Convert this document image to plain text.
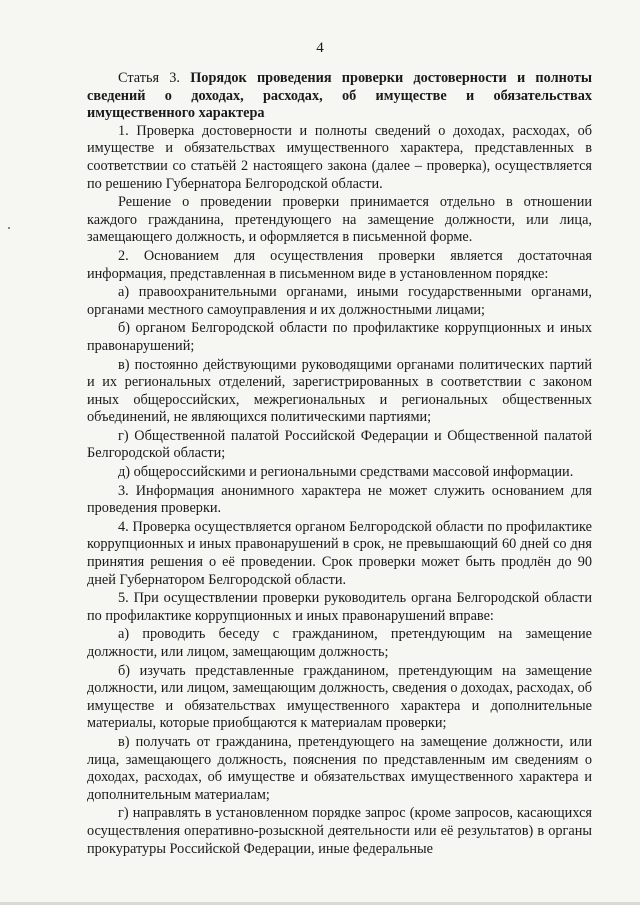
4

Статья 3. Порядок проведения проверки достоверности и полноты сведений о доходах, расходах, об имуществе и обязательствах имущественного характера

1. Проверка достоверности и полноты сведений о доходах, расходах, об имуществе и обязательствах имущественного характера, представленных в соответствии со статьёй 2 настоящего закона (далее – проверка), осуществляется по решению Губернатора Белгородской области.

Решение о проведении проверки принимается отдельно в отношении каждого гражданина, претендующего на замещение должности, или лица, замещающего должность, и оформляется в письменной форме.

2. Основанием для осуществления проверки является достаточная информация, представленная в письменном виде в установленном порядке:

а) правоохранительными органами, иными государственными органами, органами местного самоуправления и их должностными лицами;

б) органом Белгородской области по профилактике коррупционных и иных правонарушений;

в) постоянно действующими руководящими органами политических партий и их региональных отделений, зарегистрированных в соответствии с законом иных общероссийских, межрегиональных и региональных общественных объединений, не являющихся политическими партиями;

г) Общественной палатой Российской Федерации и Общественной палатой Белгородской области;

д) общероссийскими и региональными средствами массовой информации.

3. Информация анонимного характера не может служить основанием для проведения проверки.

4. Проверка осуществляется органом Белгородской области по профилактике коррупционных и иных правонарушений в срок, не превышающий 60 дней со дня принятия решения о её проведении. Срок проверки может быть продлён до 90 дней Губернатором Белгородской области.

5. При осуществлении проверки руководитель органа Белгородской области по профилактике коррупционных и иных правонарушений вправе:

а) проводить беседу с гражданином, претендующим на замещение должности, или лицом, замещающим должность;

б) изучать представленные гражданином, претендующим на замещение должности, или лицом, замещающим должность, сведения о доходах, расходах, об имуществе и обязательствах имущественного характера и дополнительные материалы, которые приобщаются к материалам проверки;

в) получать от гражданина, претендующего на замещение должности, или лица, замещающего должность, пояснения по представленным им сведениям о доходах, расходах, об имуществе и обязательствах имущественного характера и дополнительным материалам;

г) направлять в установленном порядке запрос (кроме запросов, касающихся осуществления оперативно-розыскной деятельности или её результатов) в органы прокуратуры Российской Федерации, иные федеральные
